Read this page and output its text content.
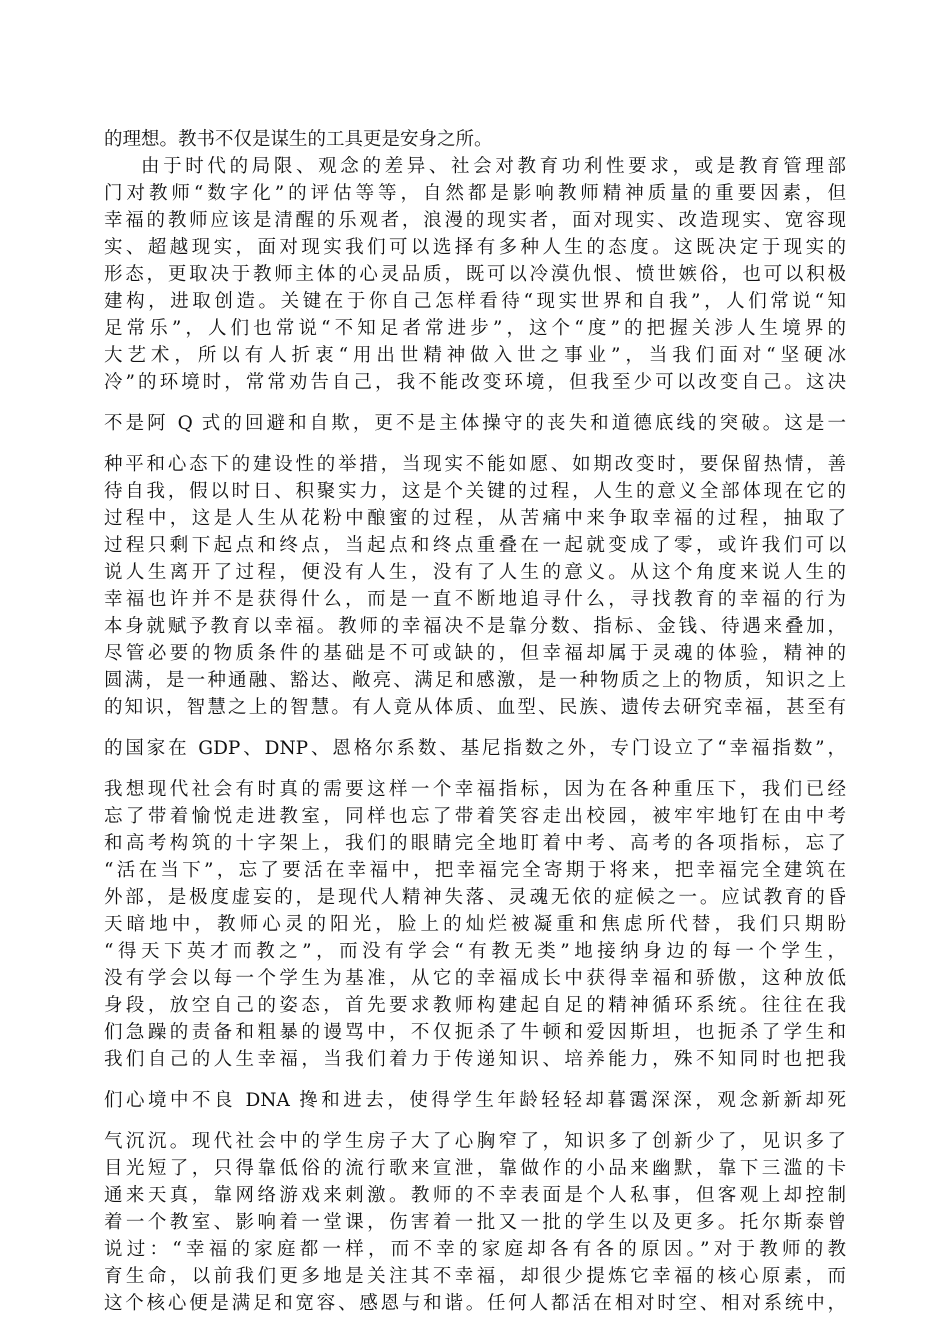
的理想。教书不仅是谋生的工具更是安身之所。
由于时代的局限、观念的差异、社会对教育功利性要求，或是教育管理部
门对教师“数字化”的评估等等，自然都是影响教师精神质量的重要因素，但
幸福的教师应该是清醒的乐观者，浪漫的现实者，面对现实、改造现实、宽容现
实、超越现实，面对现实我们可以选择有多种人生的态度。这既决定于现实的
形态，更取决于教师主体的心灵品质，既可以冷漠仇恨、愤世嫉俗，也可以积极
建构，进取创造。关键在于你自己怎样看待“现实世界和自我”，人们常说“知
足常乐”，人们也常说“不知足者常进步”，这个“度”的把握关涉人生境界的
大艺术，所以有人折衷“用出世精神做入世之事业”，当我们面对“坚硬冰
冷”的环境时，常常劝告自己，我不能改变环境，但我至少可以改变自己。这决
不是阿 Q 式的回避和自欺，更不是主体操守的丧失和道德底线的突破。这是一
种平和心态下的建设性的举措，当现实不能如愿、如期改变时，要保留热情，善
待自我，假以时日、积聚实力，这是个关键的过程，人生的意义全部体现在它的
过程中，这是人生从花粉中酿蜜的过程，从苦痛中来争取幸福的过程，抽取了
过程只剩下起点和终点，当起点和终点重叠在一起就变成了零，或许我们可以
说人生离开了过程，便没有人生，没有了人生的意义。从这个角度来说人生的
幸福也许并不是获得什么，而是一直不断地追寻什么，寻找教育的幸福的行为
本身就赋予教育以幸福。教师的幸福决不是靠分数、指标、金钱、待遇来叠加，
尽管必要的物质条件的基础是不可或缺的，但幸福却属于灵魂的体验，精神的
圆满，是一种通融、豁达、敞亮、满足和感激，是一种物质之上的物质，知识之上
的知识，智慧之上的智慧。有人竟从体质、血型、民族、遗传去研究幸福，甚至有
的国家在 GDP、DNP、恩格尔系数、基尼指数之外，专门设立了“幸福指数”，
我想现代社会有时真的需要这样一个幸福指标，因为在各种重压下，我们已经
忘了带着愉悦走进教室，同样也忘了带着笑容走出校园，被牢牢地钉在由中考
和高考构筑的十字架上，我们的眼睛完全地盯着中考、高考的各项指标，忘了
“活在当下”，忘了要活在幸福中，把幸福完全寄期于将来，把幸福完全建筑在
外部，是极度虚妄的，是现代人精神失落、灵魂无依的症候之一。应试教育的昏
天暗地中，教师心灵的阳光，脸上的灿烂被凝重和焦虑所代替，我们只期盼
“得天下英才而教之”，而没有学会“有教无类”地接纳身边的每一个学生，
没有学会以每一个学生为基准，从它的幸福成长中获得幸福和骄傲，这种放低
身段，放空自己的姿态，首先要求教师构建起自足的精神循环系统。往往在我
们急躁的责备和粗暴的谩骂中，不仅扼杀了牛顿和爱因斯坦，也扼杀了学生和
我们自己的人生幸福，当我们着力于传递知识、培养能力，殊不知同时也把我
们心境中不良 DNA 搀和进去，使得学生年龄轻轻却暮霭深深，观念新新却死
气沉沉。现代社会中的学生房子大了心胸窄了，知识多了创新少了，见识多了
目光短了，只得靠低俗的流行歌来宣泄，靠做作的小品来幽默，靠下三滥的卡
通来天真，靠网络游戏来刺激。教师的不幸表面是个人私事，但客观上却控制
着一个教室、影响着一堂课，伤害着一批又一批的学生以及更多。托尔斯泰曾
说过：“幸福的家庭都一样，而不幸的家庭却各有各的原因。”对于教师的教
育生命，以前我们更多地是关注其不幸福，却很少提炼它幸福的核心原素，而
这个核心便是满足和宽容、感恩与和谐。任何人都活在相对时空、相对系统中，
